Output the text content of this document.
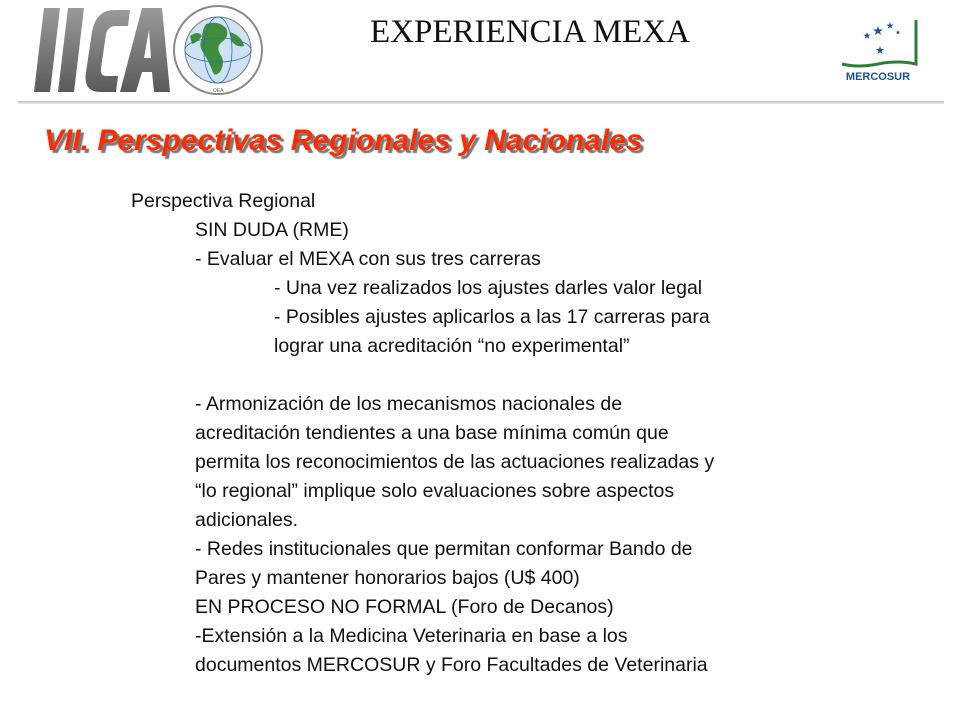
· OEA ·
EXPERIENCIA MEXA
MERCOSUR
VII. Perspectivas Regionales y Nacionales
Perspectiva Regional
SIN DUDA (RME)
- Evaluar el MEXA con sus tres carreras
- Una vez realizados los ajustes darles valor legal
- Posibles ajustes aplicarlos a las 17 carreras para
lograr una acreditación “no experimental”
- Armonización de los mecanismos nacionales de
acreditación tendientes a una base mínima común que
permita los reconocimientos de las actuaciones realizadas y
“lo regional” implique solo evaluaciones sobre aspectos
adicionales.
- Redes institucionales que permitan conformar Bando de
Pares y mantener honorarios bajos (U$ 400)
EN PROCESO NO FORMAL (Foro de Decanos)
-Extensión a la Medicina Veterinaria en base a los
documentos MERCOSUR y Foro Facultades de Veterinaria
